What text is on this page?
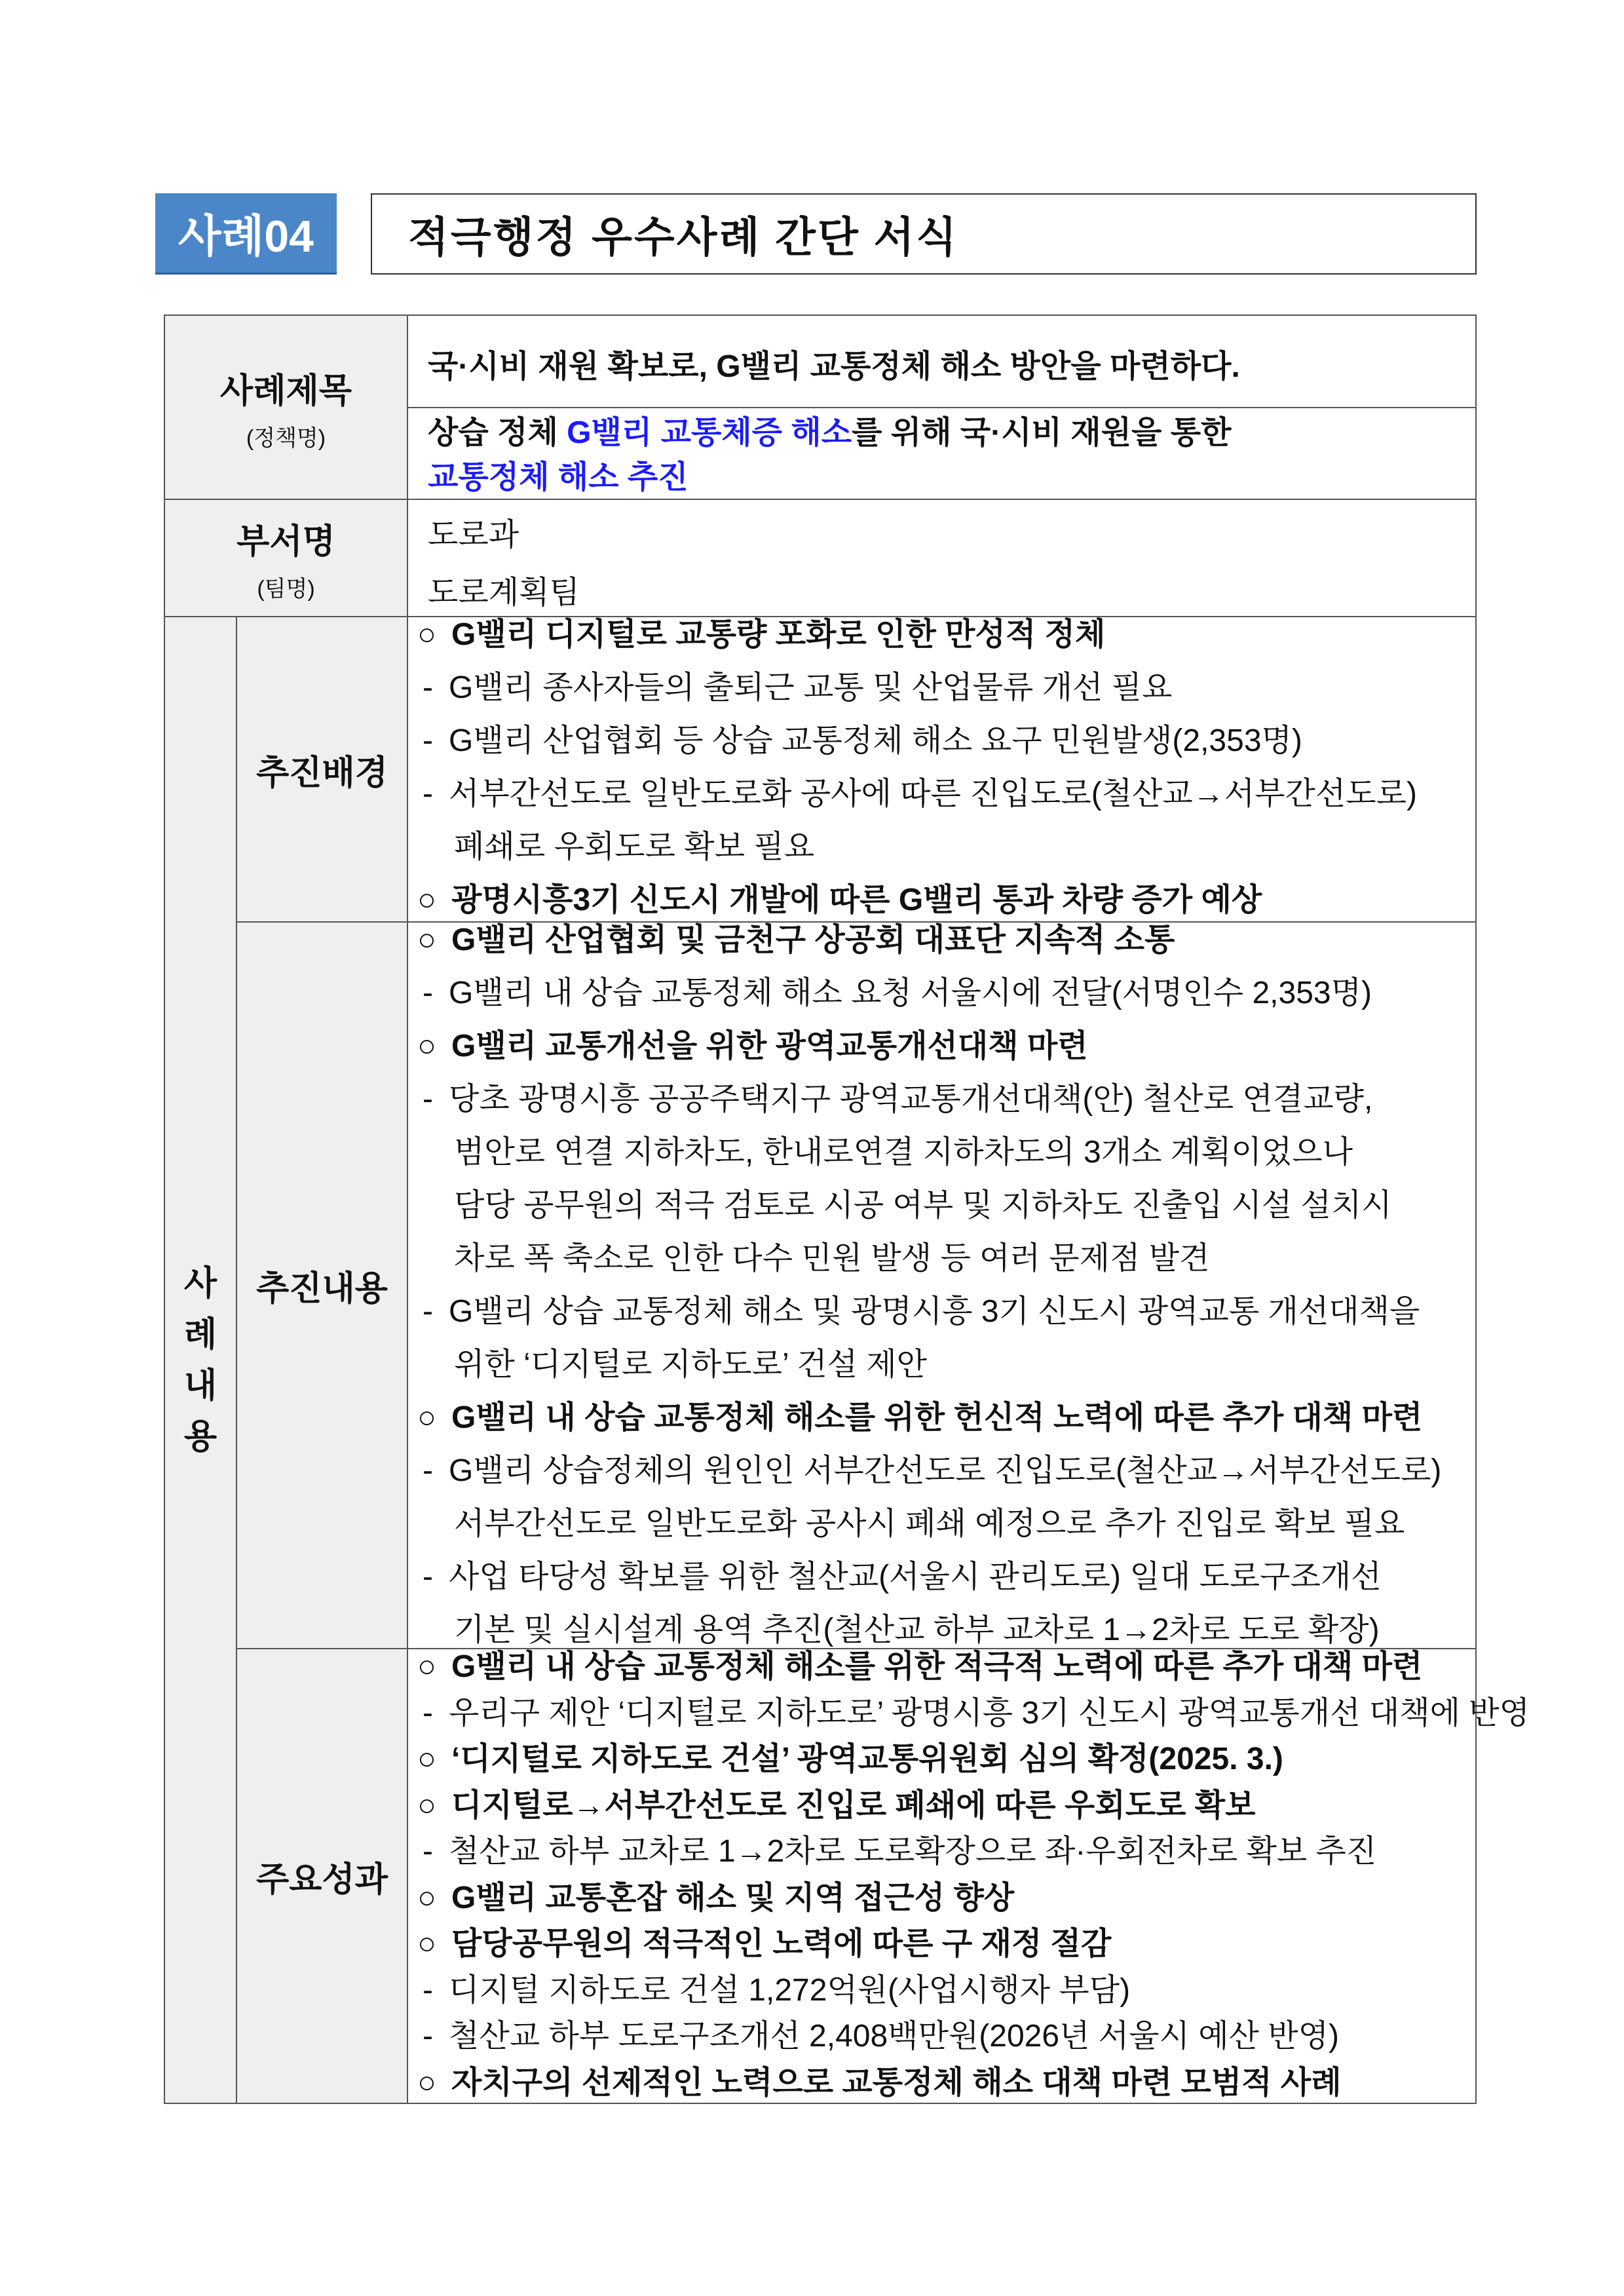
사례04	적극행정 우수사례 간단 서식
사례제목
(정책명)
국·시비 재원 확보로, G밸리 교통정체 해소 방안을 마련하다.
상습 정체 G밸리 교통체증 해소를 위해 국·시비 재원을 통한
교통정체 해소 추진
부서명
(팀명)
도로과
도로계획팀
사
례
내
용
추진배경
○ G밸리 디지털로 교통량 포화로 인한 만성적 정체
- G밸리 종사자들의 출퇴근 교통 및 산업물류 개선 필요
- G밸리 산업협회 등 상습 교통정체 해소 요구 민원발생(2,353명)
- 서부간선도로 일반도로화 공사에 따른 진입도로(철산교→서부간선도로)
폐쇄로 우회도로 확보 필요
○ 광명시흥3기 신도시 개발에 따른 G밸리 통과 차량 증가 예상
추진내용
○ G밸리 산업협회 및 금천구 상공회 대표단 지속적 소통
- G밸리 내 상습 교통정체 해소 요청 서울시에 전달(서명인수 2,353명)
○ G밸리 교통개선을 위한 광역교통개선대책 마련
- 당초 광명시흥 공공주택지구 광역교통개선대책(안) 철산로 연결교량,
범안로 연결 지하차도, 한내로연결 지하차도의 3개소 계획이었으나
담당 공무원의 적극 검토로 시공 여부 및 지하차도 진출입 시설 설치시
차로 폭 축소로 인한 다수 민원 발생 등 여러 문제점 발견
- G밸리 상습 교통정체 해소 및 광명시흥 3기 신도시 광역교통 개선대책을
위한 ‘디지털로 지하도로’ 건설 제안
○ G밸리 내 상습 교통정체 해소를 위한 헌신적 노력에 따른 추가 대책 마련
- G밸리 상습정체의 원인인 서부간선도로 진입도로(철산교→서부간선도로)
서부간선도로 일반도로화 공사시 폐쇄 예정으로 추가 진입로 확보 필요
- 사업 타당성 확보를 위한 철산교(서울시 관리도로) 일대 도로구조개선
기본 및 실시설계 용역 추진(철산교 하부 교차로 1→2차로 도로 확장)
주요성과
○ G밸리 내 상습 교통정체 해소를 위한 적극적 노력에 따른 추가 대책 마련
- 우리구 제안 ‘디지털로 지하도로’ 광명시흥 3기 신도시 광역교통개선 대책에 반영
○ ‘디지털로 지하도로 건설’ 광역교통위원회 심의 확정(2025. 3.)
○ 디지털로→서부간선도로 진입로 폐쇄에 따른 우회도로 확보
- 철산교 하부 교차로 1→2차로 도로확장으로 좌·우회전차로 확보 추진
○ G밸리 교통혼잡 해소 및 지역 접근성 향상
○ 담당공무원의 적극적인 노력에 따른 구 재정 절감
- 디지털 지하도로 건설 1,272억원(사업시행자 부담)
- 철산교 하부 도로구조개선 2,408백만원(2026년 서울시 예산 반영)
○ 자치구의 선제적인 노력으로 교통정체 해소 대책 마련 모범적 사례
